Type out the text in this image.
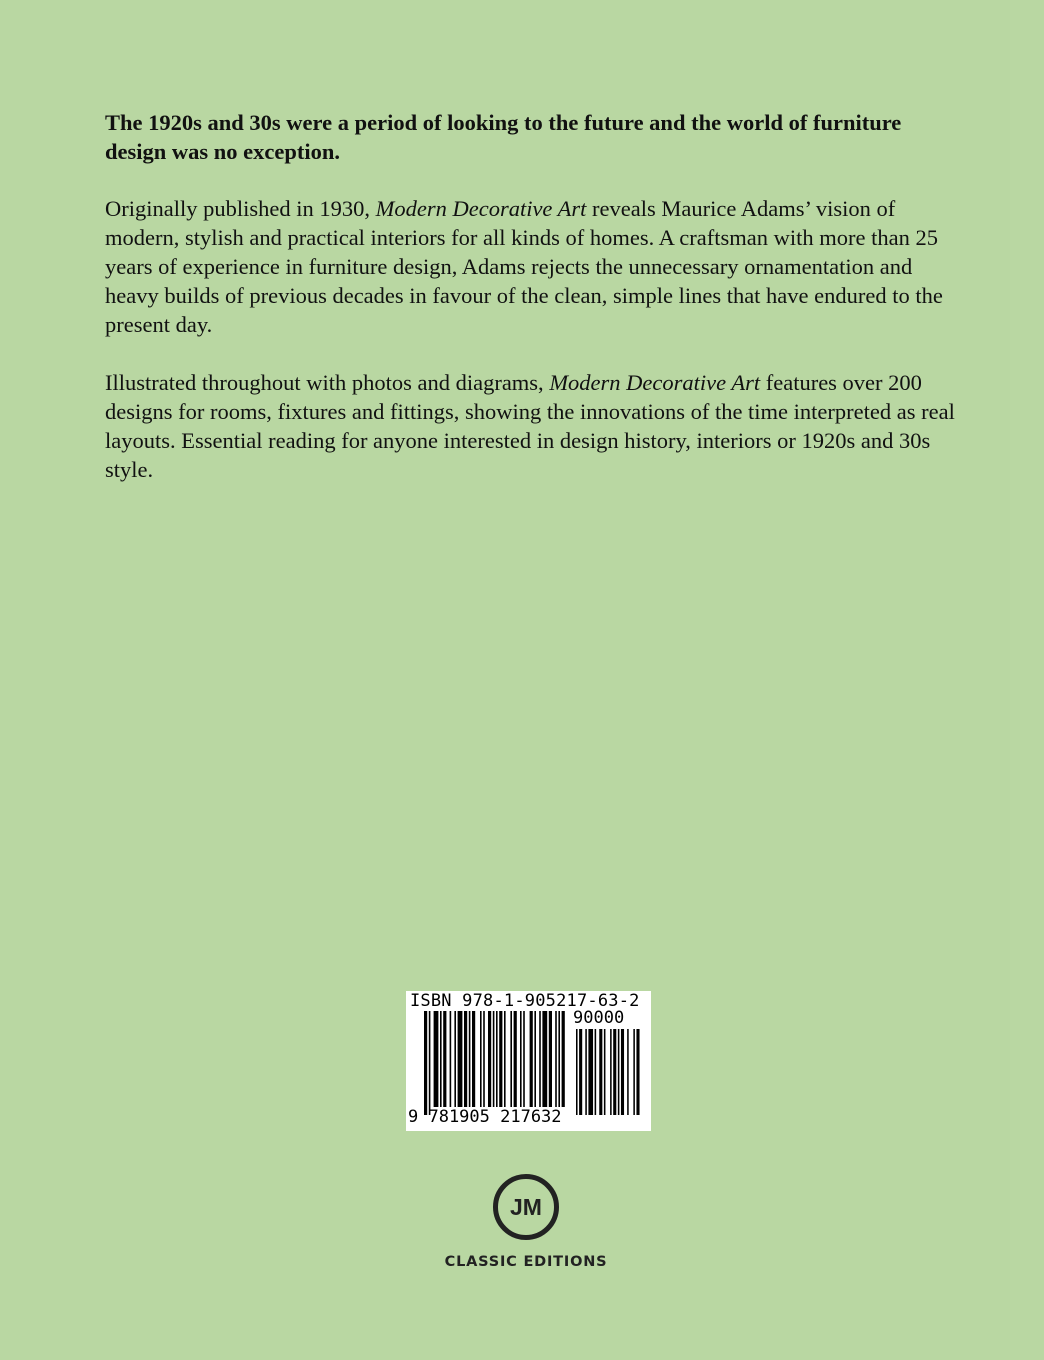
The 1920s and 30s were a period of looking to the future and the world of furniture design was no exception.

Originally published in 1930, Modern Decorative Art reveals Maurice Adams’ vision of modern, stylish and practical interiors for all kinds of homes. A craftsman with more than 25 years of experience in furniture design, Adams rejects the unnecessary ornamentation and heavy builds of previous decades in favour of the clean, simple lines that have endured to the present day.

Illustrated throughout with photos and diagrams, Modern Decorative Art features over 200 designs for rooms, fixtures and fittings, showing the innovations of the time interpreted as real layouts. Essential reading for anyone interested in design history, interiors or 1920s and 30s style.

ISBN 978-1-905217-63-2
90000
9 781905 217632
JM
CLASSIC EDITIONS
